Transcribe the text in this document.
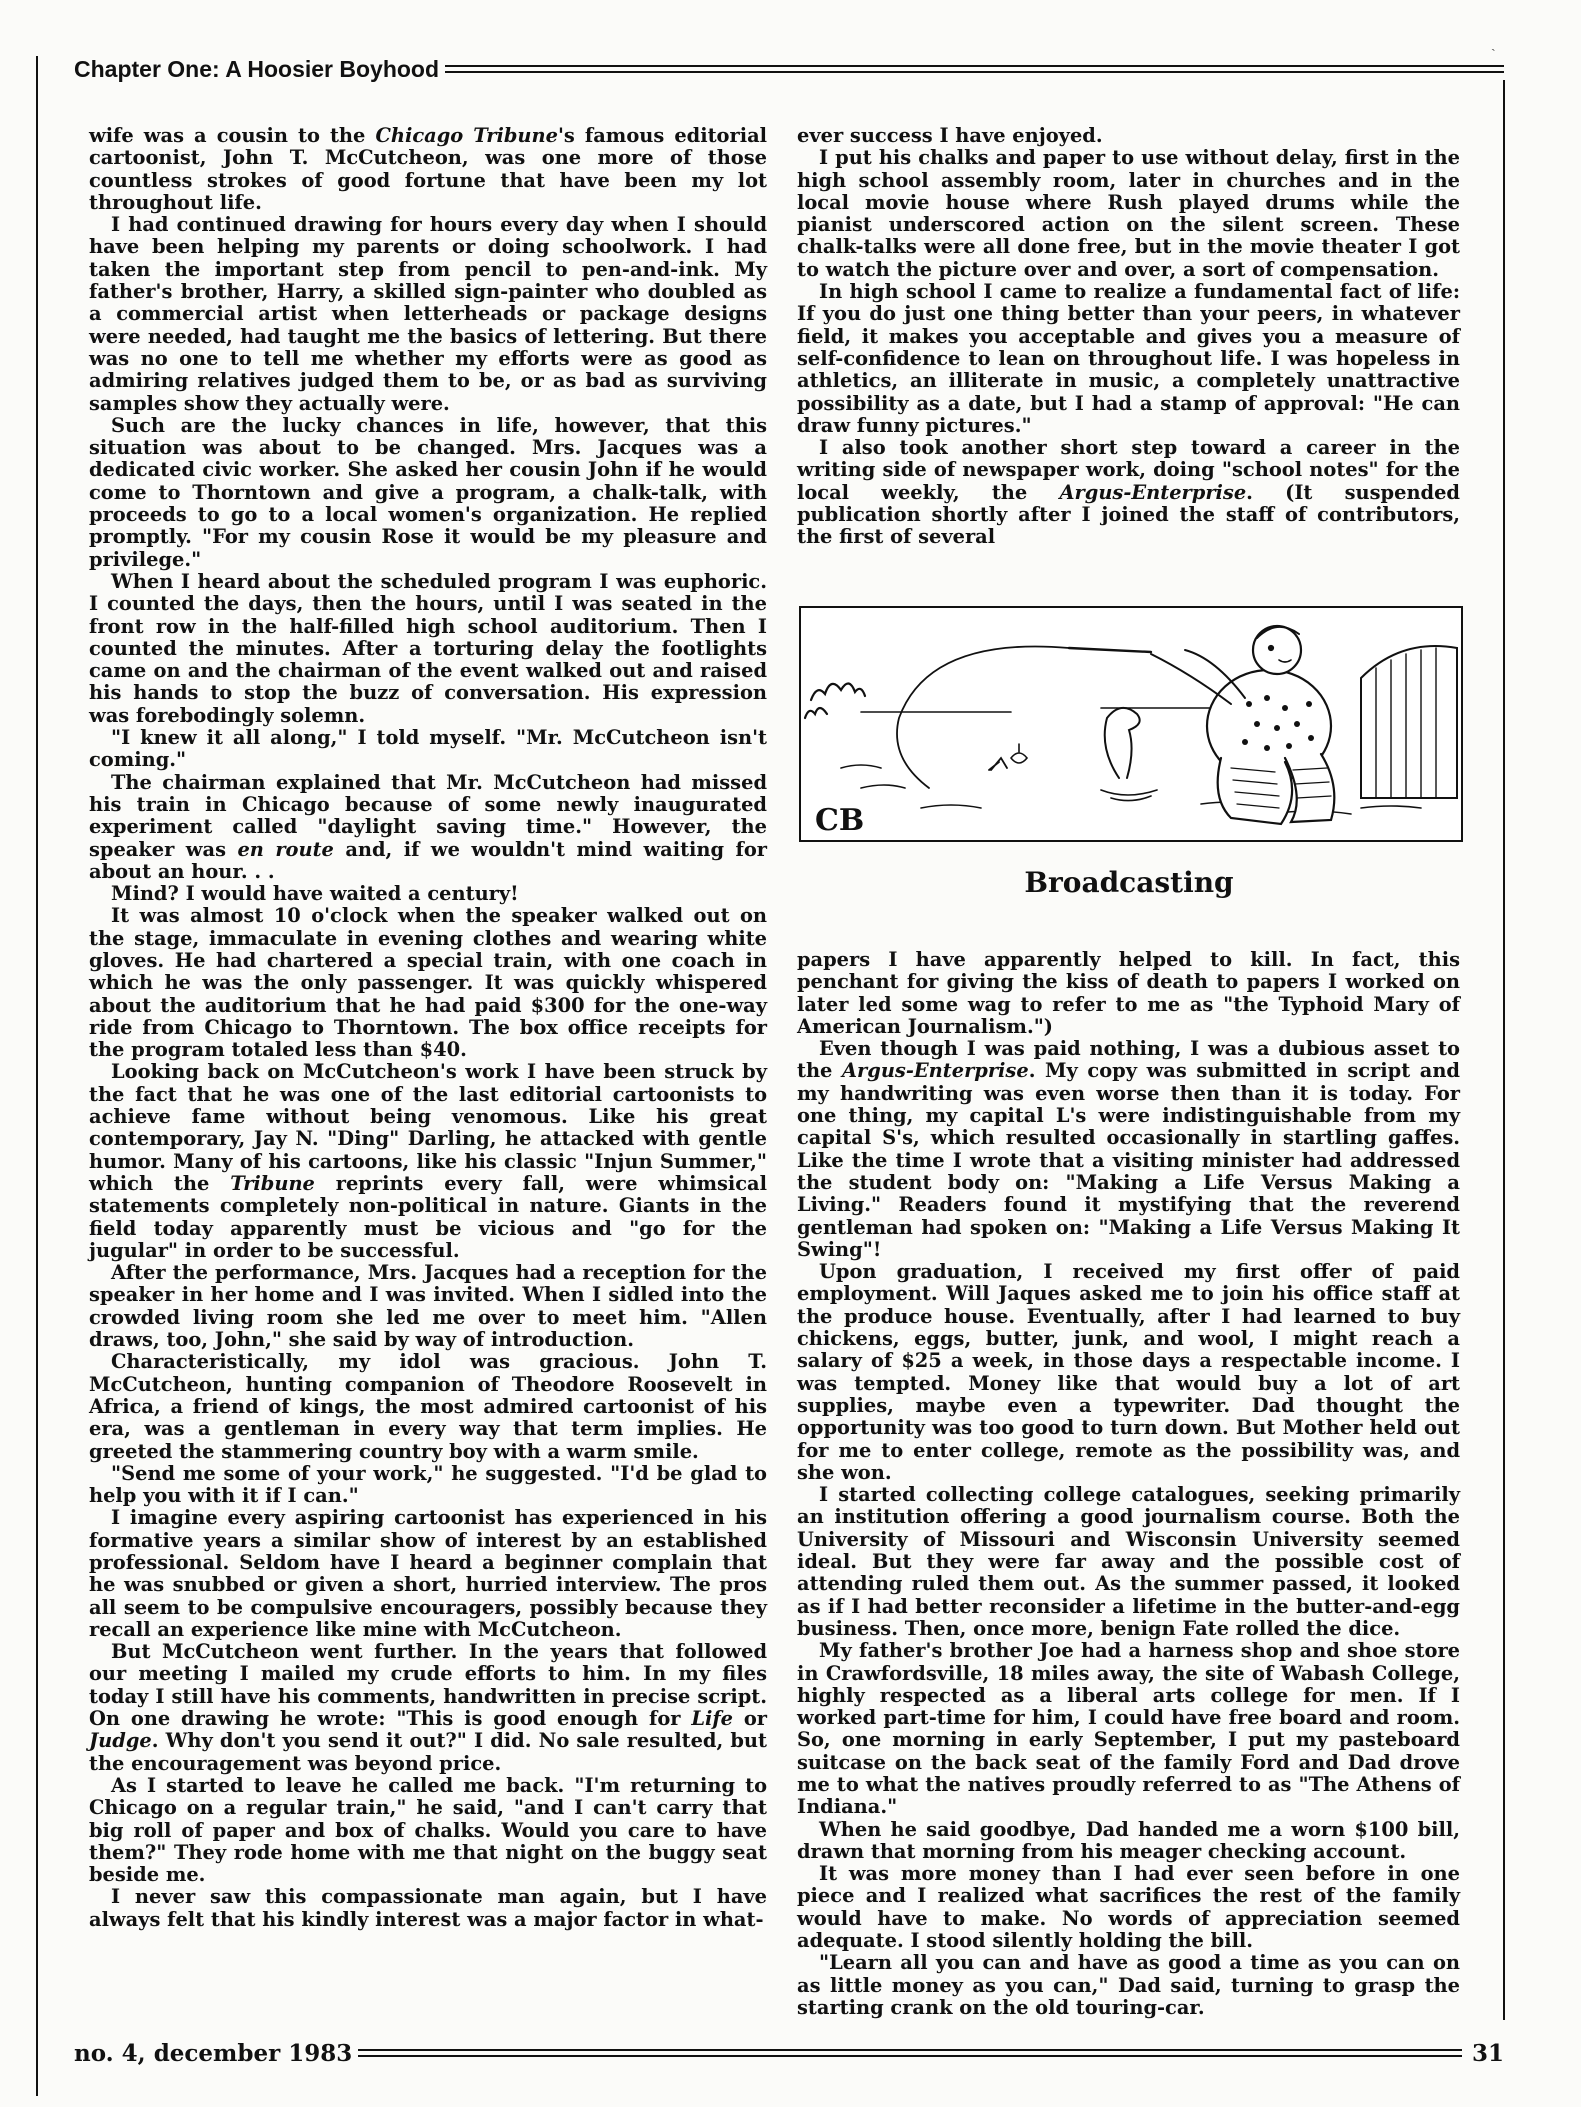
ˎ
Chapter One: A Hoosier Boyhood

wife was a cousin to the Chicago Tribune's famous editorial cartoonist, John T. McCutcheon, was one more of those countless strokes of good fortune that have been my lot throughout life.

I had continued drawing for hours every day when I should have been helping my parents or doing schoolwork. I had taken the important step from pencil to pen-and-ink. My father's brother, Harry, a skilled sign-painter who doubled as a commercial artist when letterheads or package designs were needed, had taught me the basics of lettering. But there was no one to tell me whether my efforts were as good as admiring relatives judged them to be, or as bad as surviving samples show they actually were.

Such are the lucky chances in life, however, that this situation was about to be changed. Mrs. Jacques was a dedicated civic worker. She asked her cousin John if he would come to Thorntown and give a program, a chalk-talk, with proceeds to go to a local women's organization. He replied promptly. "For my cousin Rose it would be my pleasure and privilege."

When I heard about the scheduled program I was euphoric. I counted the days, then the hours, until I was seated in the front row in the half-filled high school auditorium. Then I counted the minutes. After a torturing delay the footlights came on and the chairman of the event walked out and raised his hands to stop the buzz of conversation. His expression was forebodingly solemn.

"I knew it all along," I told myself. "Mr. McCutcheon isn't coming."

The chairman explained that Mr. McCutcheon had missed his train in Chicago because of some newly inaugurated experiment called "daylight saving time." However, the speaker was en route and, if we wouldn't mind waiting for about an hour. . .

Mind? I would have waited a century!

It was almost 10 o'clock when the speaker walked out on the stage, immaculate in evening clothes and wearing white gloves. He had chartered a special train, with one coach in which he was the only passenger. It was quickly whispered about the auditorium that he had paid $300 for the one-way ride from Chicago to Thorntown. The box office receipts for the program totaled less than $40.

Looking back on McCutcheon's work I have been struck by the fact that he was one of the last editorial cartoonists to achieve fame without being venomous. Like his great contemporary, Jay N. "Ding" Darling, he attacked with gentle humor. Many of his cartoons, like his classic "Injun Summer," which the Tribune reprints every fall, were whimsical statements completely non-political in nature. Giants in the field today apparently must be vicious and "go for the jugular" in order to be successful.

After the performance, Mrs. Jacques had a reception for the speaker in her home and I was invited. When I sidled into the crowded living room she led me over to meet him. "Allen draws, too, John," she said by way of introduction.

Characteristically, my idol was gracious. John T. McCutcheon, hunting companion of Theodore Roosevelt in Africa, a friend of kings, the most admired cartoonist of his era, was a gentleman in every way that term implies. He greeted the stammering country boy with a warm smile.

"Send me some of your work," he suggested. "I'd be glad to help you with it if I can."

I imagine every aspiring cartoonist has experienced in his formative years a similar show of interest by an established professional. Seldom have I heard a beginner complain that he was snubbed or given a short, hurried interview. The pros all seem to be compulsive encouragers, possibly because they recall an experience like mine with McCutcheon.

But McCutcheon went further. In the years that followed our meeting I mailed my crude efforts to him. In my files today I still have his comments, handwritten in precise script. On one drawing he wrote: "This is good enough for Life or Judge. Why don't you send it out?" I did. No sale resulted, but the encouragement was beyond price.

As I started to leave he called me back. "I'm returning to Chicago on a regular train," he said, "and I can't carry that big roll of paper and box of chalks. Would you care to have them?" They rode home with me that night on the buggy seat beside me.

I never saw this compassionate man again, but I have always felt that his kindly interest was a major factor in what-

ever success I have enjoyed.

I put his chalks and paper to use without delay, first in the high school assembly room, later in churches and in the local movie house where Rush played drums while the pianist underscored action on the silent screen. These chalk-talks were all done free, but in the movie theater I got to watch the picture over and over, a sort of compensation.

In high school I came to realize a fundamental fact of life: If you do just one thing better than your peers, in whatever field, it makes you acceptable and gives you a measure of self-confidence to lean on throughout life. I was hopeless in athletics, an illiterate in music, a completely unattractive possibility as a date, but I had a stamp of approval: "He can draw funny pictures."

I also took another short step toward a career in the writing side of newspaper work, doing "school notes" for the local weekly, the Argus-Enterprise. (It suspended publication shortly after I joined the staff of contributors, the first of several

CB
Broadcasting

papers I have apparently helped to kill. In fact, this penchant for giving the kiss of death to papers I worked on later led some wag to refer to me as "the Typhoid Mary of American Journalism.")

Even though I was paid nothing, I was a dubious asset to the Argus-Enterprise. My copy was submitted in script and my handwriting was even worse then than it is today. For one thing, my capital L's were indistinguishable from my capital S's, which resulted occasionally in startling gaffes. Like the time I wrote that a visiting minister had addressed the student body on: "Making a Life Versus Making a Living." Readers found it mystifying that the reverend gentleman had spoken on: "Making a Life Versus Making It Swing"!

Upon graduation, I received my first offer of paid employment. Will Jaques asked me to join his office staff at the produce house. Eventually, after I had learned to buy chickens, eggs, butter, junk, and wool, I might reach a salary of $25 a week, in those days a respectable income. I was tempted. Money like that would buy a lot of art supplies, maybe even a typewriter. Dad thought the opportunity was too good to turn down. But Mother held out for me to enter college, remote as the possibility was, and she won.

I started collecting college catalogues, seeking primarily an institution offering a good journalism course. Both the University of Missouri and Wisconsin University seemed ideal. But they were far away and the possible cost of attending ruled them out. As the summer passed, it looked as if I had better reconsider a lifetime in the butter-and-egg business. Then, once more, benign Fate rolled the dice.

My father's brother Joe had a harness shop and shoe store in Crawfordsville, 18 miles away, the site of Wabash College, highly respected as a liberal arts college for men. If I worked part-time for him, I could have free board and room. So, one morning in early September, I put my pasteboard suitcase on the back seat of the family Ford and Dad drove me to what the natives proudly referred to as "The Athens of Indiana."

When he said goodbye, Dad handed me a worn $100 bill, drawn that morning from his meager checking account.

It was more money than I had ever seen before in one piece and I realized what sacrifices the rest of the family would have to make. No words of appreciation seemed adequate. I stood silently holding the bill.

"Learn all you can and have as good a time as you can on as little money as you can," Dad said, turning to grasp the starting crank on the old touring-car.

no. 4, december 1983	31
